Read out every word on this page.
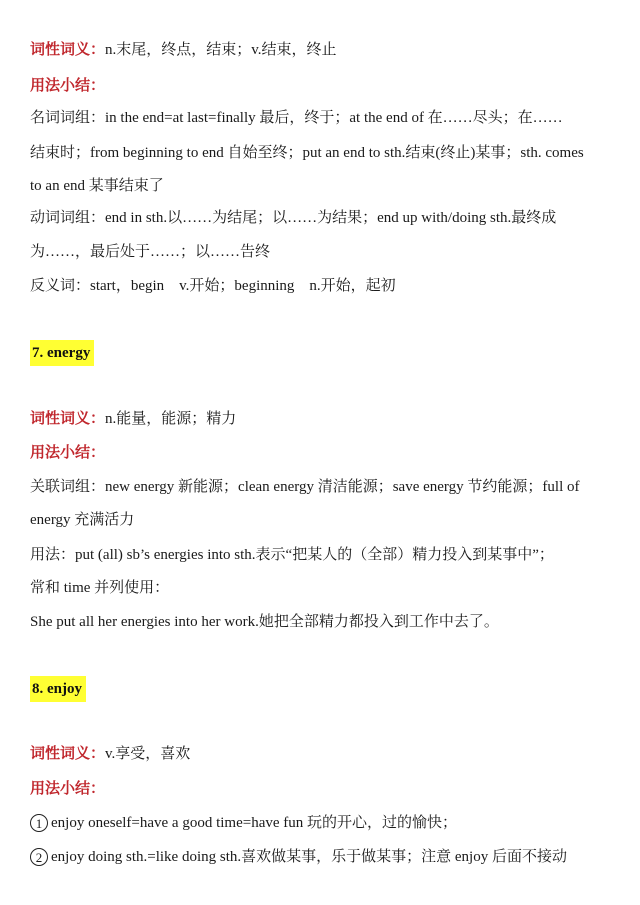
词性词义：n.末尾，终点，结束；v.结束，终止
用法小结：
名词词组：in the end=at last=finally 最后，终于；at the end of 在……尽头；在……
结束时；from beginning to end 自始至终；put an end to sth.结束(终止)某事；sth. comes
to an end 某事结束了
动词词组：end in sth.以……为结尾；以……为结果；end up with/doing sth.最终成
为……，最后处于……；以……告终
反义词：start，begin　v.开始；beginning　n.开始，起初
7. energy
词性词义：n.能量，能源；精力
用法小结：
关联词组：new energy 新能源；clean energy 清洁能源；save energy 节约能源；full of
energy 充满活力
用法：put (all) sb’s energies into sth.表示“把某人的（全部）精力投入到某事中”；
常和 time 并列使用：
She put all her energies into her work.她把全部精力都投入到工作中去了。
8. enjoy
词性词义：v.享受，喜欢
用法小结：
1 enjoy oneself=have a good time=have fun 玩的开心，过的愉快；
2 enjoy doing sth.=like doing sth.喜欢做某事，乐于做某事；注意 enjoy 后面不接动
